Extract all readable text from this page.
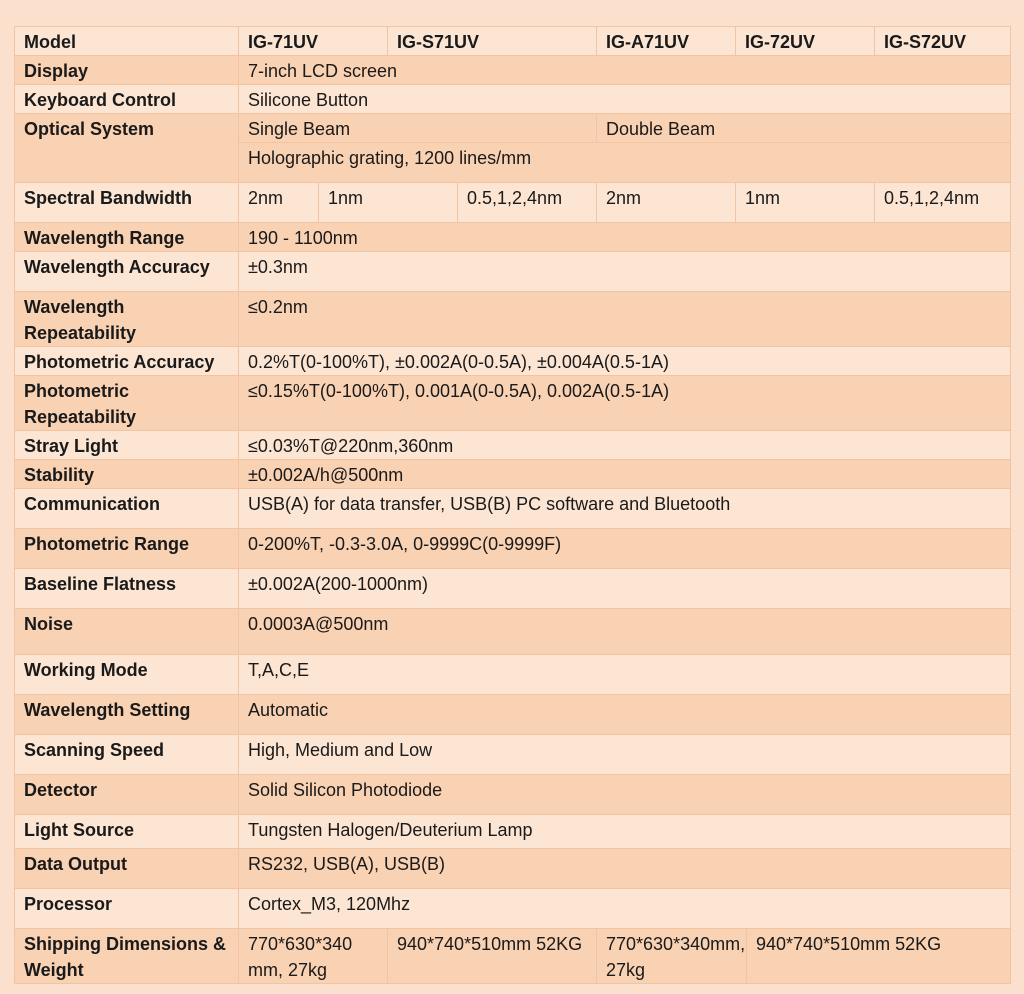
Model	IG-71UV		IG-S71UV		IG-A71UV	IG-72UV		IG-S72UV	
Display	7-inch LCD screen								
Keyboard Control	Silicone Button								
Optical System	Single Beam				Double Beam				
	Holographic grating, 1200 lines/mm								
Spectral Bandwidth	2nm	1nm		0.5,1,2,4nm	2nm	1nm		0.5,1,2,4nm	
Wavelength Range	190 - 1100nm								
Wavelength Accuracy	±0.3nm								
Wavelength Repeatability	≤0.2nm								
Photometric Accuracy	0.2%T(0-100%T), ±0.002A(0-0.5A), ±0.004A(0.5-1A)								
Photometric Repeatability	≤0.15%T(0-100%T), 0.001A(0-0.5A), 0.002A(0.5-1A)								
Stray Light	≤0.03%T@220nm,360nm								
Stability	±0.002A/h@500nm								
Communication	USB(A) for data transfer, USB(B) PC software and Bluetooth								
Photometric Range	0-200%T, -0.3-3.0A, 0-9999C(0-9999F)								
Baseline Flatness	±0.002A(200-1000nm)								
Noise	0.0003A@500nm								
Working Mode	T,A,C,E								
Wavelength Setting	Automatic								
Scanning Speed	High, Medium and Low								
Detector	Solid Silicon Photodiode								
Light Source	Tungsten Halogen/Deuterium Lamp								
Data Output	RS232, USB(A), USB(B)								
Processor	Cortex_M3, 120Mhz								
Shipping Dimensions & Weight	770*630*340 mm, 27kg		940*740*510mm 52KG		770*630*340mm, 27kg		940*740*510mm 52KG		
